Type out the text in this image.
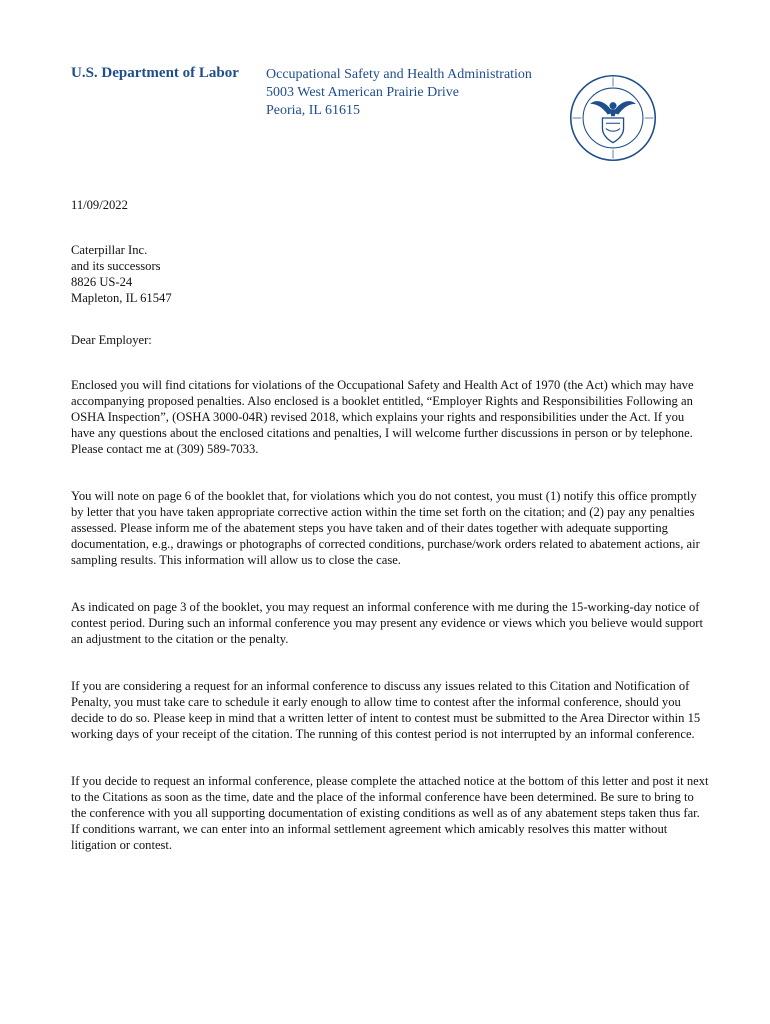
U.S. Department of Labor Occupational Safety and Health Administration
5003 West American Prairie Drive
Peoria, IL 61615
11/09/2022
Caterpillar Inc.
and its successors
8826 US-24
Mapleton, IL 61547
Dear Employer:

Enclosed you will find citations for violations of the Occupational Safety and Health Act of 1970 (the Act) which may have accompanying proposed penalties. Also enclosed is a booklet entitled, “Employer Rights and Responsibilities Following an OSHA Inspection”, (OSHA 3000-04R) revised 2018, which explains your rights and responsibilities under the Act. If you have any questions about the enclosed citations and penalties, I will welcome further discussions in person or by telephone. Please contact me at (309) 589-7033.

You will note on page 6 of the booklet that, for violations which you do not contest, you must (1) notify this office promptly by letter that you have taken appropriate corrective action within the time set forth on the citation; and (2) pay any penalties assessed. Please inform me of the abatement steps you have taken and of their dates together with adequate supporting documentation, e.g., drawings or photographs of corrected conditions, purchase/work orders related to abatement actions, air sampling results. This information will allow us to close the case.

As indicated on page 3 of the booklet, you may request an informal conference with me during the 15-working-day notice of contest period. During such an informal conference you may present any evidence or views which you believe would support an adjustment to the citation or the penalty.

If you are considering a request for an informal conference to discuss any issues related to this Citation and Notification of Penalty, you must take care to schedule it early enough to allow time to contest after the informal conference, should you decide to do so. Please keep in mind that a written letter of intent to contest must be submitted to the Area Director within 15 working days of your receipt of the citation. The running of this contest period is not interrupted by an informal conference.

If you decide to request an informal conference, please complete the attached notice at the bottom of this letter and post it next to the Citations as soon as the time, date and the place of the informal conference have been determined. Be sure to bring to the conference with you all supporting documentation of existing conditions as well as of any abatement steps taken thus far. If conditions warrant, we can enter into an informal settlement agreement which amicably resolves this matter without litigation or contest.
